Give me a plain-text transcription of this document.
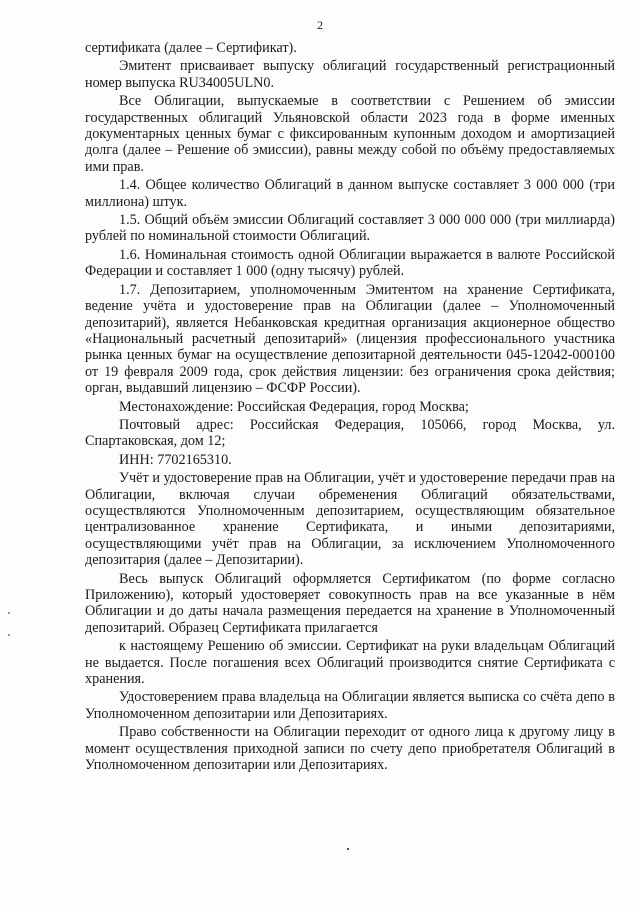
2

сертификата (далее – Сертификат).

Эмитент присваивает выпуску облигаций государственный регистрационный номер выпуска RU34005ULN0.

Все Облигации, выпускаемые в соответствии с Решением об эмиссии государственных облигаций Ульяновской области 2023 года в форме именных документарных ценных бумаг с фиксированным купонным доходом и амортизацией долга (далее – Решение об эмиссии), равны между собой по объёму предоставляемых ими прав.

1.4. Общее количество Облигаций в данном выпуске составляет 3 000 000 (три миллиона) штук.

1.5. Общий объём эмиссии Облигаций составляет 3 000 000 000 (три миллиарда) рублей по номинальной стоимости Облигаций.

1.6. Номинальная стоимость одной Облигации выражается в валюте Российской Федерации и составляет 1 000 (одну тысячу) рублей.

1.7. Депозитарием, уполномоченным Эмитентом на хранение Сертификата, ведение учёта и удостоверение прав на Облигации (далее – Уполномоченный депозитарий), является Небанковская кредитная организация акционерное общество «Национальный расчетный депозитарий» (лицензия профессионального участника рынка ценных бумаг на осуществление депозитарной деятельности 045-12042-000100 от 19 февраля 2009 года, срок действия лицензии: без ограничения срока действия; орган, выдавший лицензию – ФСФР России).

Местонахождение: Российская Федерация, город Москва;

Почтовый адрес: Российская Федерация, 105066, город Москва, ул. Спартаковская, дом 12;

ИНН: 7702165310.

Учёт и удостоверение прав на Облигации, учёт и удостоверение передачи прав на Облигации, включая случаи обременения Облигаций обязательствами, осуществляются Уполномоченным депозитарием, осуществляющим обязательное централизованное хранение Сертификата, и иными депозитариями, осуществляющими учёт прав на Облигации, за исключением Уполномоченного депозитария (далее – Депозитарии).

Весь выпуск Облигаций оформляется Сертификатом (по форме согласно Приложению), который удостоверяет совокупность прав на все указанные в нём Облигации и до даты начала размещения передается на хранение в Уполномоченный депозитарий. Образец Сертификата прилагается

к настоящему Решению об эмиссии. Сертификат на руки владельцам Облигаций не выдается. После погашения всех Облигаций производится снятие Сертификата с хранения.

Удостоверением права владельца на Облигации является выписка со счёта депо в Уполномоченном депозитарии или Депозитариях.

Право собственности на Облигации переходит от одного лица к другому лицу в момент осуществления приходной записи по счету депо приобретателя Облигаций в Уполномоченном депозитарии или Депозитариях.
